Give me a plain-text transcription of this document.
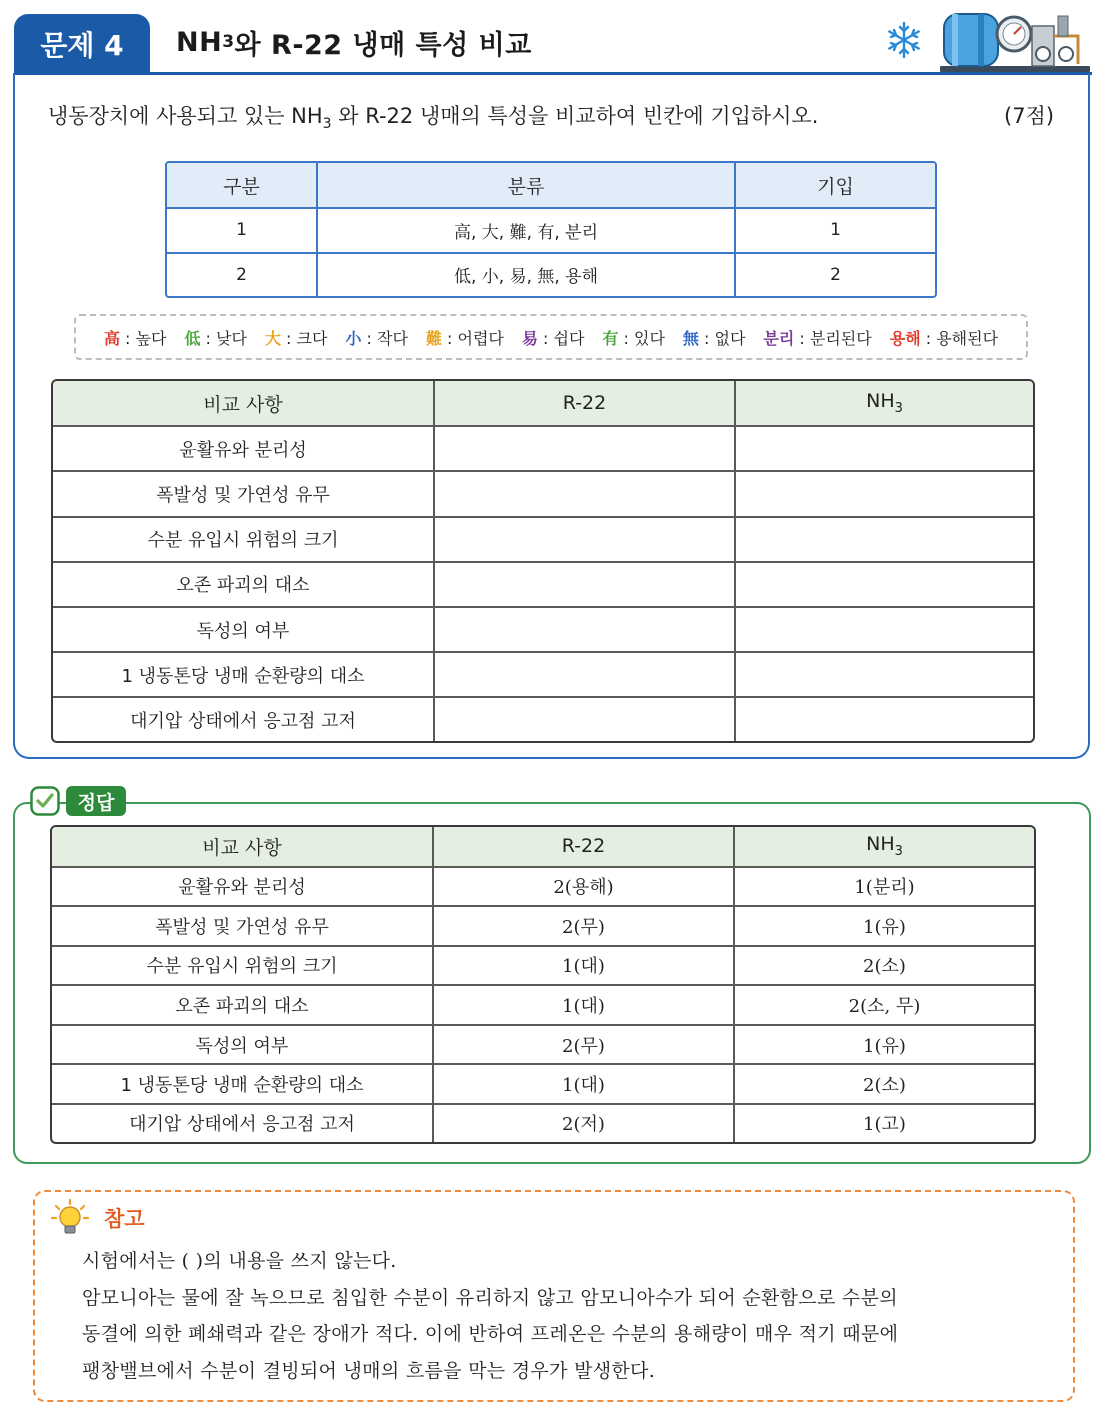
문제 4	NH 3 와 R-22 냉매 특성 비교
냉동장치에 사용되고 있는 $NH_3$ 와 R-22 냉매의 특성을 비교하여 빈칸에 기입하시오.	(7점)
구분	분류	기입
1	高, 大, 難, 有, 분리	1
2	低, 小, 易, 無, 용해	2
高 : 높다 低 : 낮다 大 : 크다 小 : 작다 難 : 어렵다 易 : 쉽다 有 : 있다 無 : 없다 분리 : 분리된다 용해 : 용해된다
비교 사항	R-22	$NH_3$
윤활유와 분리성		
폭발성 및 가연성 유무		
수분 유입시 위험의 크기		
오존 파괴의 대소		
독성의 여부		
1 냉동톤당 냉매 순환량의 대소		
대기압 상태에서 응고점 고저		
정답
비교 사항	R-22	$NH_3$
윤활유와 분리성	2(용해)	1(분리)
폭발성 및 가연성 유무	2(무)	1(유)
수분 유입시 위험의 크기	1(대)	2(소)
오존 파괴의 대소	1(대)	2(소, 무)
독성의 여부	2(무)	1(유)
1 냉동톤당 냉매 순환량의 대소	1(대)	2(소)
대기압 상태에서 응고점 고저	2(저)	1(고)
참고
시험에서는 ( )의 내용을 쓰지 않는다.
암모니아는 물에 잘 녹으므로 침입한 수분이 유리하지 않고 암모니아수가 되어 순환함으로 수분의
동결에 의한 폐쇄력과 같은 장애가 적다. 이에 반하여 프레온은 수분의 용해량이 매우 적기 때문에
팽창밸브에서 수분이 결빙되어 냉매의 흐름을 막는 경우가 발생한다.
